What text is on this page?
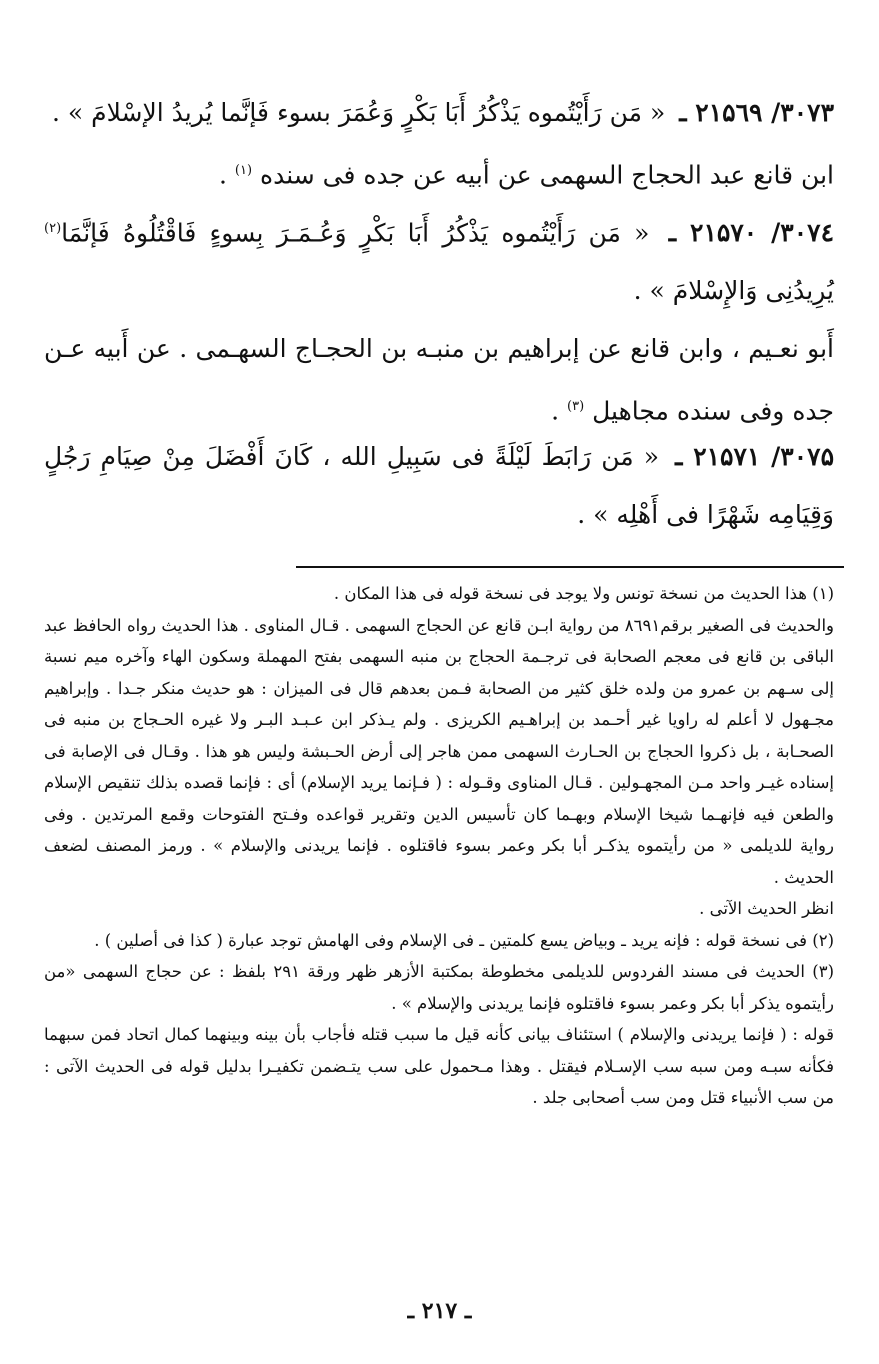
۳۰۷۳/ ۲۱۵٦۹ ـ « مَن رَأَيْتُموه يَذْكُرُ أَبَا بَكْرٍ وَعُمَرَ بسوء فَإنَّما يُريدُ الإسْلامَ » .

ابن قانع عبد الحجاج السهمى عن أبيه عن جده فى سنده $^{(۱)}$ .

۳۰۷٤/ ۲۱۵۷۰ ـ « مَن رَأَيْتُموه يَذْكُرُ أَبَا بَكْرٍ وَعُـمَـرَ بِسوءٍ فَاقْتُلُوهُ فَإنَّمَا$^{(۲)}$ يُرِيدُنِى وَالإِسْلامَ » .

أَبو نعـيم ، وابن قانع عن إبراهيم بن منبـه بن الحجـاج السهـمى . عن أَبيه عـن جده وفى سنده مجاهيل $^{(۳)}$ .

۳۰۷۵/ ۲۱۵۷۱ ـ « مَن رَابَطَ لَيْلَةً فى سَبِيلِ الله ، كَانَ أَفْضَلَ مِنْ صِيَامِ رَجُلٍ وَقِيَامِه شَهْرًا فى أَهْلِه » .

(۱) هذا الحديث من نسخة تونس ولا يوجد فى نسخة قوله فى هذا المكان .

والحديث فى الصغير برقم۸٦۹۱ من رواية ابـن قانع عن الحجاج السهمى . قـال المناوى . هذا الحديث رواه الحافظ عبد الباقى بن قانع فى معجم الصحابة فى ترجـمة الحجاج بن منبه السهمى بفتح المهملة وسكون الهاء وآخره ميم نسبة إلى سـهم بن عمرو من ولده خلق كثير من الصحابة فـمن بعدهم قال فى الميزان : هو حديث منكر جـدا . وإبراهيم مجـهول لا أعلم له راويا غير أحـمد بن إبراهـيم الكريزى . ولم يـذكر ابن عـبـد البـر ولا غيره الحـجاج بن منبه فى الصحـابة ، بل ذكروا الحجاج بن الحـارث السهمى ممن هاجر إلى أرض الحـبشة وليس هو هذا . وقـال فى الإصابة فى إسناده غيـر واحد مـن المجهـولين . قـال المناوى وقـوله : ( فـإنما يريد الإسلام) أى : فإنما قصده بذلك تنقيص الإسلام والطعن فيه فإنهـما شيخا الإسلام وبهـما كان تأسيس الدين وتقرير قواعده وفـتح الفتوحات وقمع المرتدين . وفى رواية للديلمى « من رأيتموه يذكـر أبا بكر وعمر بسوء فاقتلوه . فإنما يريدنى والإسلام » . ورمز المصنف لضعف الحديث .

انظر الحديث الآتى .

(۲) فى نسخة قوله : فإنه يريد ـ وبياض يسع كلمتين ـ فى الإسلام وفى الهامش توجد عبارة ( كذا فى أصلين ) .

(۳) الحديث فى مسند الفردوس للديلمى مخطوطة بمكتبة الأزهر ظهر ورقة ۲۹۱ بلفظ : عن حجاج السهمى «من رأيتموه يذكر أبا بكر وعمر بسوء فاقتلوه فإنما يريدنى والإسلام » .

قوله : ( فإنما يريدنى والإسلام ) استئناف بيانى كأنه قيل ما سبب قتله فأجاب بأن بينه وبينهما كمال اتحاد فمن سبهما فكأنه سبـه ومن سبه سب الإسـلام فيقتل . وهذا مـحمول على سب يتـضمن تكفيـرا بدليل قوله فى الحديث الآتى : من سب الأنبياء قتل ومن سب أصحابى جلد .

ـ ۲۱۷ ـ
